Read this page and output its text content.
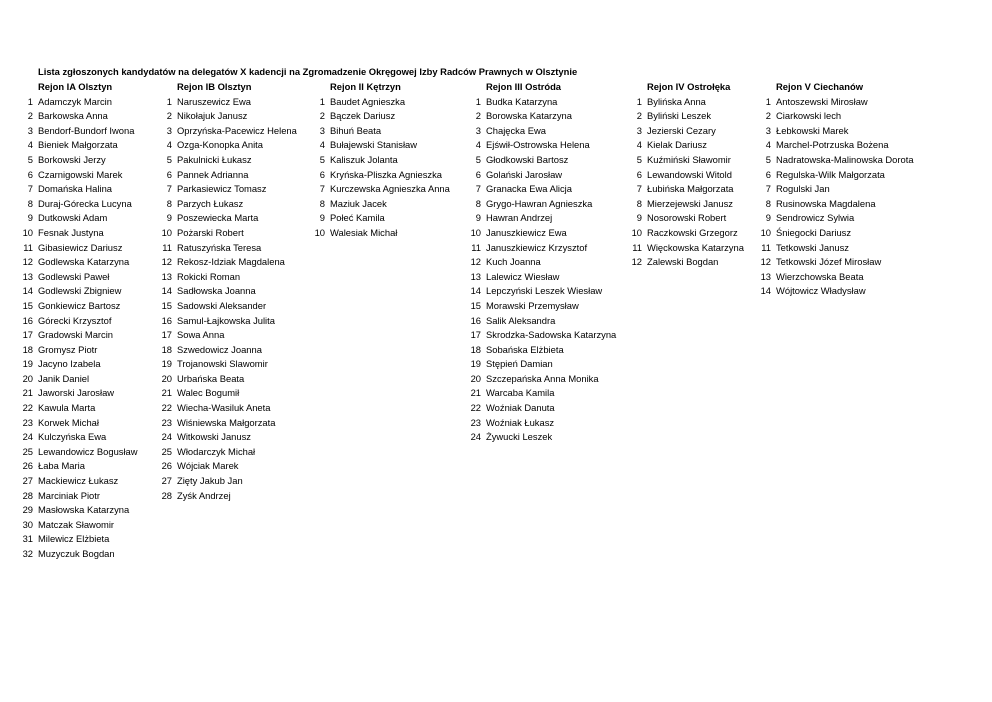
Lista zgłoszonych kandydatów na delegatów X kadencji na Zgromadzenie Okręgowej Izby Radców Prawnych w Olsztynie
Rejon IA Olsztyn
1 Adamczyk Marcin
2 Barkowska Anna
3 Bendorf-Bundorf Iwona
4 Bieniek Małgorzata
5 Borkowski Jerzy
6 Czarnigowski Marek
7 Domańska Halina
8 Duraj-Górecka Lucyna
9 Dutkowski Adam
10 Fesnak Justyna
11 Gibasiewicz Dariusz
12 Godlewska Katarzyna
13 Godlewski Paweł
14 Godlewski Zbigniew
15 Gonkiewicz Bartosz
16 Górecki Krzysztof
17 Gradowski Marcin
18 Gromysz Piotr
19 Jacyno Izabela
20 Janik Daniel
21 Jaworski Jarosław
22 Kawula Marta
23 Korwek Michał
24 Kulczyńska Ewa
25 Lewandowicz Bogusław
26 Łaba Maria
27 Mackiewicz Łukasz
28 Marciniak Piotr
29 Masłowska Katarzyna
30 Matczak Sławomir
31 Milewicz Elżbieta
32 Muzyczuk Bogdan
Rejon IB Olsztyn
1 Naruszewicz Ewa
2 Nikołajuk Janusz
3 Oprzyńska-Pacewicz Helena
4 Ozga-Konopka Anita
5 Pakulnicki Łukasz
6 Pannek Adrianna
7 Parkasiewicz Tomasz
8 Parzych Łukasz
9 Poszewiecka Marta
10 Pożarski Robert
11 Ratuszyńska Teresa
12 Rekosz-Idziak Magdalena
13 Rokicki Roman
14 Sadłowska Joanna
15 Sadowski Aleksander
16 Samul-Łajkowska Julita
17 Sowa Anna
18 Szwedowicz Joanna
19 Trojanowski Slawomir
20 Urbańska Beata
21 Walec Bogumił
22 Wiecha-Wasiluk Aneta
23 Wiśniewska Małgorzata
24 Witkowski Janusz
25 Włodarczyk Michał
26 Wójciak Marek
27 Zięty Jakub Jan
28 Zyśk Andrzej
Rejon II Kętrzyn
1 Baudet Agnieszka
2 Bączek Dariusz
3 Bihuń Beata
4 Bułajewski Stanisław
5 Kaliszuk Jolanta
6 Kryńska-Pliszka Agnieszka
7 Kurczewska Agnieszka Anna
8 Maziuk Jacek
9 Połeć Kamila
10 Walesiak Michał
Rejon III Ostróda
1 Budka Katarzyna
2 Borowska Katarzyna
3 Chajęcka Ewa
4 Ejświł-Ostrowska Helena
5 Głodkowski Bartosz
6 Golański Jarosław
7 Granacka Ewa Alicja
8 Grygo-Hawran Agnieszka
9 Hawran Andrzej
10 Januszkiewicz Ewa
11 Januszkiewicz Krzysztof
12 Kuch Joanna
13 Lalewicz Wiesław
14 Lepczyński Leszek Wiesław
15 Morawski Przemysław
16 Salik Aleksandra
17 Skrodzka-Sadowska Katarzyna
18 Sobańska Elżbieta
19 Stępień Damian
20 Szczepańska Anna Monika
21 Warcaba Kamila
22 Woźniak Danuta
23 Woźniak Łukasz
24 Żywucki Leszek
Rejon IV Ostrołęka
1 Bylińska Anna
2 Byliński Leszek
3 Jezierski Cezary
4 Kielak Dariusz
5 Kuźmiński Sławomir
6 Lewandowski Witold
7 Łubińska Małgorzata
8 Mierzejewski Janusz
9 Nosorowski Robert
10 Raczkowski Grzegorz
11 Więckowska Katarzyna
12 Zalewski Bogdan
Rejon V Ciechanów
1 Antoszewski Mirosław
2 Ciarkowski lech
3 Łebkowski Marek
4 Marchel-Potrzuska Bożena
5 Nadratowska-Malinowska Dorota
6 Regulska-Wilk Małgorzata
7 Rogulski Jan
8 Rusinowska Magdalena
9 Sendrowicz Sylwia
10 Śniegocki Dariusz
11 Tetkowski Janusz
12 Tetkowski Józef Mirosław
13 Wierzchowska Beata
14 Wójtowicz Władysław
